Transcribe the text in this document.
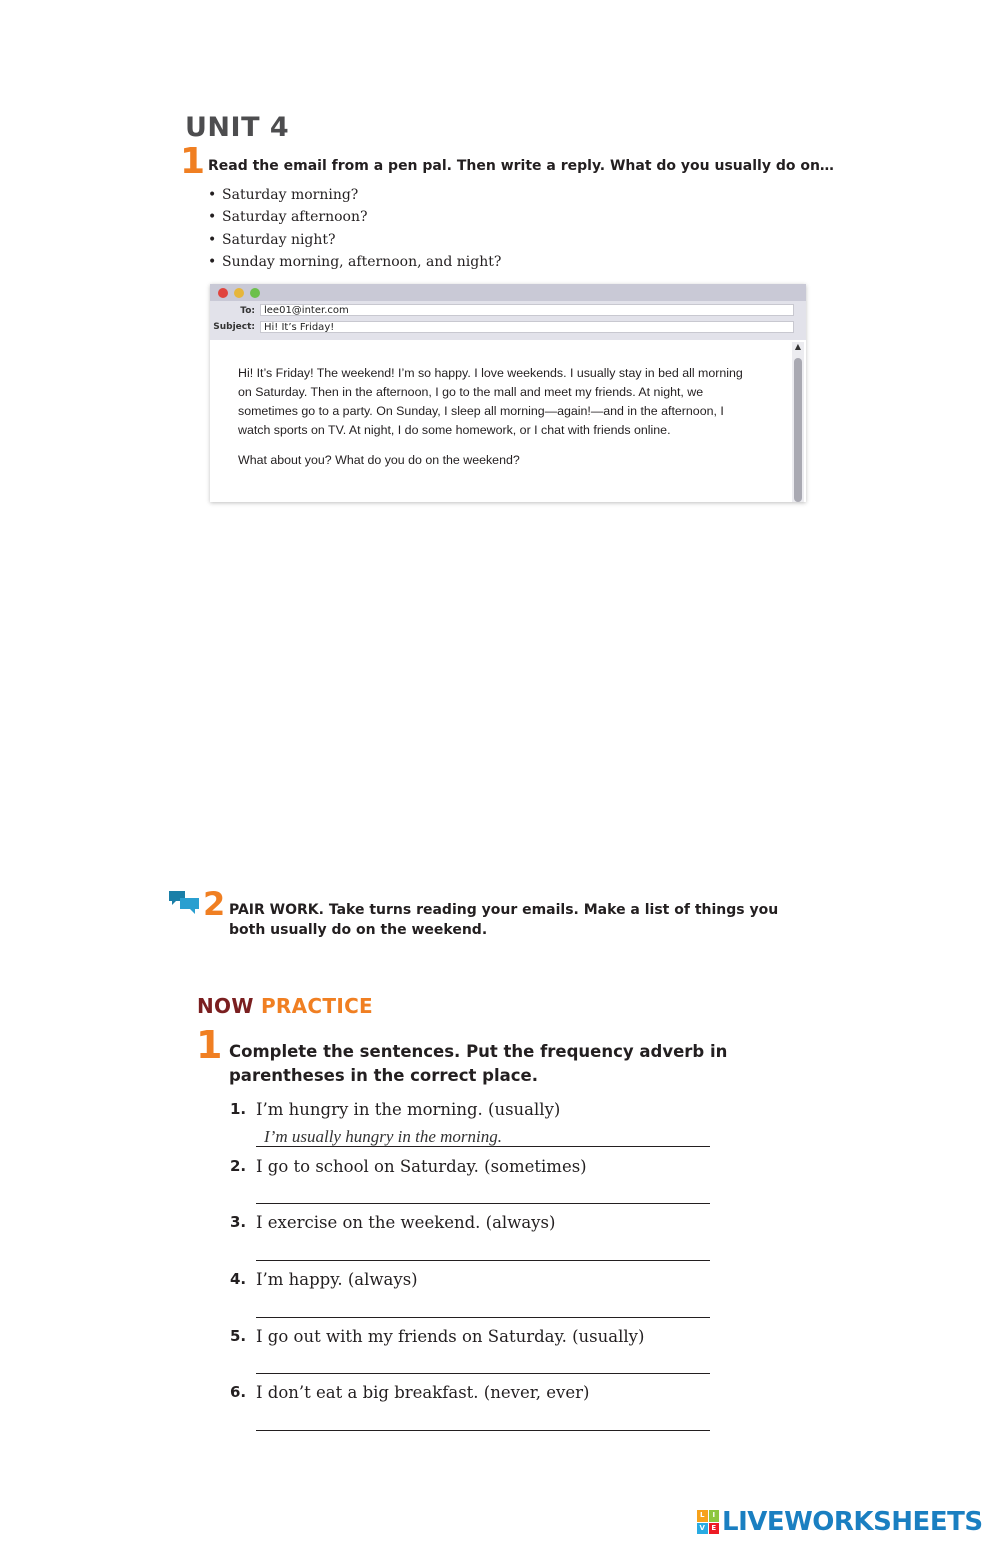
UNIT 4
1 Read the email from a pen pal. Then write a reply. What do you usually do on…
• Saturday morning?
• Saturday afternoon?
• Saturday night?
• Sunday morning, afternoon, and night?
To: lee01@inter.com
Subject: Hi! It’s Friday!

Hi! It’s Friday! The weekend! I’m so happy. I love weekends. I usually stay in bed all morning on Saturday. Then in the afternoon, I go to the mall and meet my friends. At night, we sometimes go to a party. On Sunday, I sleep all morning—again!—and in the afternoon, I watch sports on TV. At night, I do some homework, or I chat with friends online.

What about you? What do you do on the weekend?

▲
2 PAIR WORK. Take turns reading your emails. Make a list of things you both usually do on the weekend.
NOW PRACTICE
1 Complete the sentences. Put the frequency adverb in parentheses in the correct place.
1. I’m hungry in the morning. (usually)
I’m usually hungry in the morning.
2. I go to school on Saturday. (sometimes)
3. I exercise on the weekend. (always)
4. I’m happy. (always)
5. I go out with my friends on Saturday. (usually)
6. I don’t eat a big breakfast. (never, ever)
L	I
V E LIVEWORKSHEETS
